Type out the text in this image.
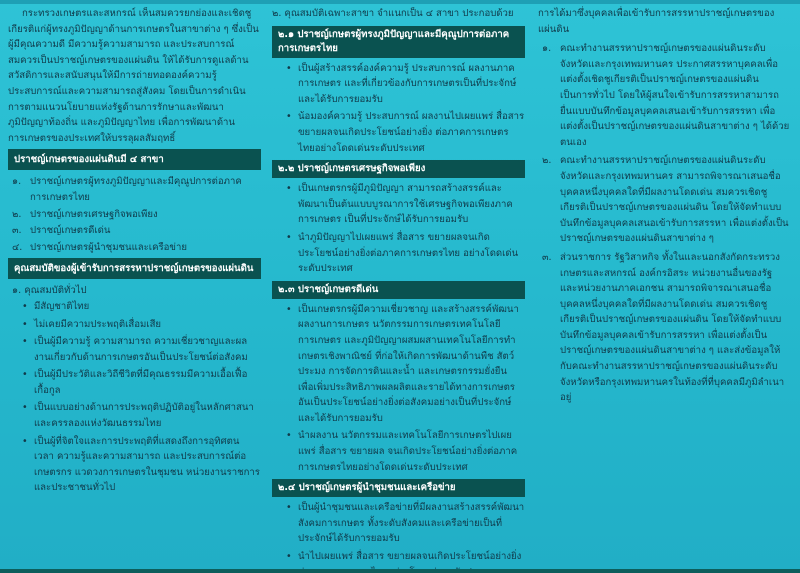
กระทรวงเกษตรและสหกรณ์ เห็นสมควรยกย่องและเชิดชูเกียรติแก่ผู้ทรงภูมิปัญญาด้านการเกษตรในสาขาต่าง ๆ ซึ่งเป็นผู้มีคุณความดี มีความรู้ความสามารถ และประสบการณ์สมควรเป็นปราชญ์เกษตรของแผ่นดิน ให้ได้รับการดูแลด้านสวัสดิการและสนับสนุนให้มีการถ่ายทอดองค์ความรู้ ประสบการณ์และความสามารถสู่สังคม โดยเป็นการดำเนินการตามแนวนโยบายแห่งรัฐด้านการรักษาและพัฒนาภูมิปัญญาท้องถิ่น และภูมิปัญญาไทย เพื่อการพัฒนาด้านการเกษตรของประเทศให้บรรลุผลสัมฤทธิ์

ปราชญ์เกษตรของแผ่นดินมี ๔ สาขา
๑. ปราชญ์เกษตรผู้ทรงภูมิปัญญาและมีคุณูปการต่อภาคการเกษตรไทย
๒. ปราชญ์เกษตรเศรษฐกิจพอเพียง
๓. ปราชญ์เกษตรดีเด่น
๔. ปราชญ์เกษตรผู้นำชุมชนและเครือข่าย
คุณสมบัติของผู้เข้ารับการสรรหาปราชญ์เกษตรของแผ่นดิน

๑. คุณสมบัติทั่วไป

• มีสัญชาติไทย
• ไม่เคยมีความประพฤติเสื่อมเสีย
• เป็นผู้มีความรู้ ความสามารถ ความเชี่ยวชาญและผลงานเกี่ยวกับด้านการเกษตรอันเป็นประโยชน์ต่อสังคม
• เป็นผู้มีประวัติและวิถีชีวิตที่มีคุณธรรมมีความเอื้อเฟื้อเกื้อกูล
• เป็นแบบอย่างด้านการประพฤติปฏิบัติอยู่ในหลักศาสนาและครรลองแห่งวัฒนธรรมไทย
• เป็นผู้ที่จิตใจและการประพฤติที่แสดงถึงการอุทิศตน เวลา ความรู้และความสามารถ และประสบการณ์ต่อเกษตรกร แวดวงการเกษตรในชุมชน หน่วยงานราชการและประชาชนทั่วไป

๒. คุณสมบัติเฉพาะสาขา จำแนกเป็น ๔ สาขา ประกอบด้วย

๒.๑ ปราชญ์เกษตรผู้ทรงภูมิปัญญาและมีคุณูปการต่อภาคการเกษตรไทย
• เป็นผู้สร้างสรรค์องค์ความรู้ ประสบการณ์ ผลงานภาคการเกษตร และที่เกี่ยวข้องกับการเกษตรเป็นที่ประจักษ์และได้รับการยอมรับ
• น้อมองค์ความรู้ ประสบการณ์ ผลงานไปเผยแพร่ สื่อสาร ขยายผลจนเกิดประโยชน์อย่างยิ่ง ต่อภาคการเกษตรไทยอย่างโดดเด่นระดับประเทศ
๒.๒ ปราชญ์เกษตรเศรษฐกิจพอเพียง
• เป็นเกษตรกรผู้มีภูมิปัญญา สามารถสร้างสรรค์และพัฒนาเป็นต้นแบบบูรณาการใช้เศรษฐกิจพอเพียงภาคการเกษตร เป็นที่ประจักษ์ได้รับการยอมรับ
• นำภูมิปัญญาไปเผยแพร่ สื่อสาร ขยายผลจนเกิดประโยชน์อย่างยิ่งต่อภาคการเกษตรไทย อย่างโดดเด่นระดับประเทศ
๒.๓ ปราชญ์เกษตรดีเด่น
• เป็นเกษตรกรผู้มีความเชี่ยวชาญ และสร้างสรรค์พัฒนาผลงานการเกษตร นวัตกรรมการเกษตรเทคโนโลยีการเกษตร และภูมิปัญญาผสมผสานเทคโนโลยีการทำเกษตรเชิงพาณิชย์ ที่ก่อให้เกิดการพัฒนาด้านพืช สัตว์ ประมง การจัดการดินและน้ำ และเกษตรกรรมยั่งยืน เพื่อเพิ่มประสิทธิภาพผลผลิตและรายได้ทางการเกษตร อันเป็นประโยชน์อย่างยิ่งต่อสังคมอย่างเป็นที่ประจักษ์และได้รับการยอมรับ
• นำผลงาน นวัตกรรมและเทคโนโลยีการเกษตรไปเผยแพร่ สื่อสาร ขยายผล จนเกิดประโยชน์อย่างยิ่งต่อภาคการเกษตรไทยอย่างโดดเด่นระดับประเทศ
๒.๔ ปราชญ์เกษตรผู้นำชุมชนและเครือข่าย
• เป็นผู้นำชุมชนและเครือข่ายที่มีผลงานสร้างสรรค์พัฒนาสังคมการเกษตร ทั้งระดับสังคมและเครือข่ายเป็นที่ประจักษ์ได้รับการยอมรับ
• นำไปเผยแพร่ สื่อสาร ขยายผลจนเกิดประโยชน์อย่างยิ่ง

การได้มาซึ่งบุคคลเพื่อเข้ารับการสรรหาปราชญ์เกษตรของแผ่นดิน

๑. คณะทำงานสรรหาปราชญ์เกษตรของแผ่นดินระดับจังหวัดและกรุงเทพมหานคร ประกาศสรรหาบุคคลเพื่อแต่งตั้งเชิดชูเกียรติเป็นปราชญ์เกษตรของแผ่นดินเป็นการทั่วไป โดยให้ผู้สนใจเข้ารับการสรรหาสามารถยื่นแบบบันทึกข้อมูลบุคคลเสนอเข้ารับการสรรหา เพื่อแต่งตั้งเป็นปราชญ์เกษตรของแผ่นดินสาขาต่าง ๆ ได้ด้วยตนเอง
๒. คณะทำงานสรรหาปราชญ์เกษตรของแผ่นดินระดับจังหวัดและกรุงเทพมหานคร สามารถพิจารณาเสนอชื่อบุคคลหนึ่งบุคคลใดที่มีผลงานโดดเด่น สมควรเชิดชูเกียรติเป็นปราชญ์เกษตรของแผ่นดิน โดยให้จัดทำแบบบันทึกข้อมูลบุคคลเสนอเข้ารับการสรรหา เพื่อแต่งตั้งเป็นปราชญ์เกษตรของแผ่นดินสาขาต่าง ๆ
๓. ส่วนราชการ รัฐวิสาหกิจ ทั้งในและนอกสังกัดกระทรวงเกษตรและสหกรณ์ องค์กรอิสระ หน่วยงานอื่นของรัฐ และหน่วยงานภาคเอกชน สามารถพิจารณาเสนอชื่อบุคคลหนึ่งบุคคลใดที่มีผลงานโดดเด่น สมควรเชิดชูเกียรติเป็นปราชญ์เกษตรของแผ่นดิน โดยให้จัดทำแบบบันทึกข้อมูลบุคคลเข้ารับการสรรหา เพื่อแต่งตั้งเป็นปราชญ์เกษตรของแผ่นดินสาขาต่าง ๆ และส่งข้อมูลให้กับคณะทำงานสรรหาปราชญ์เกษตรของแผ่นดินระดับจังหวัดหรือกรุงเทพมหานครในท้องที่ที่บุคคลมีภูมิลำเนาอยู่
